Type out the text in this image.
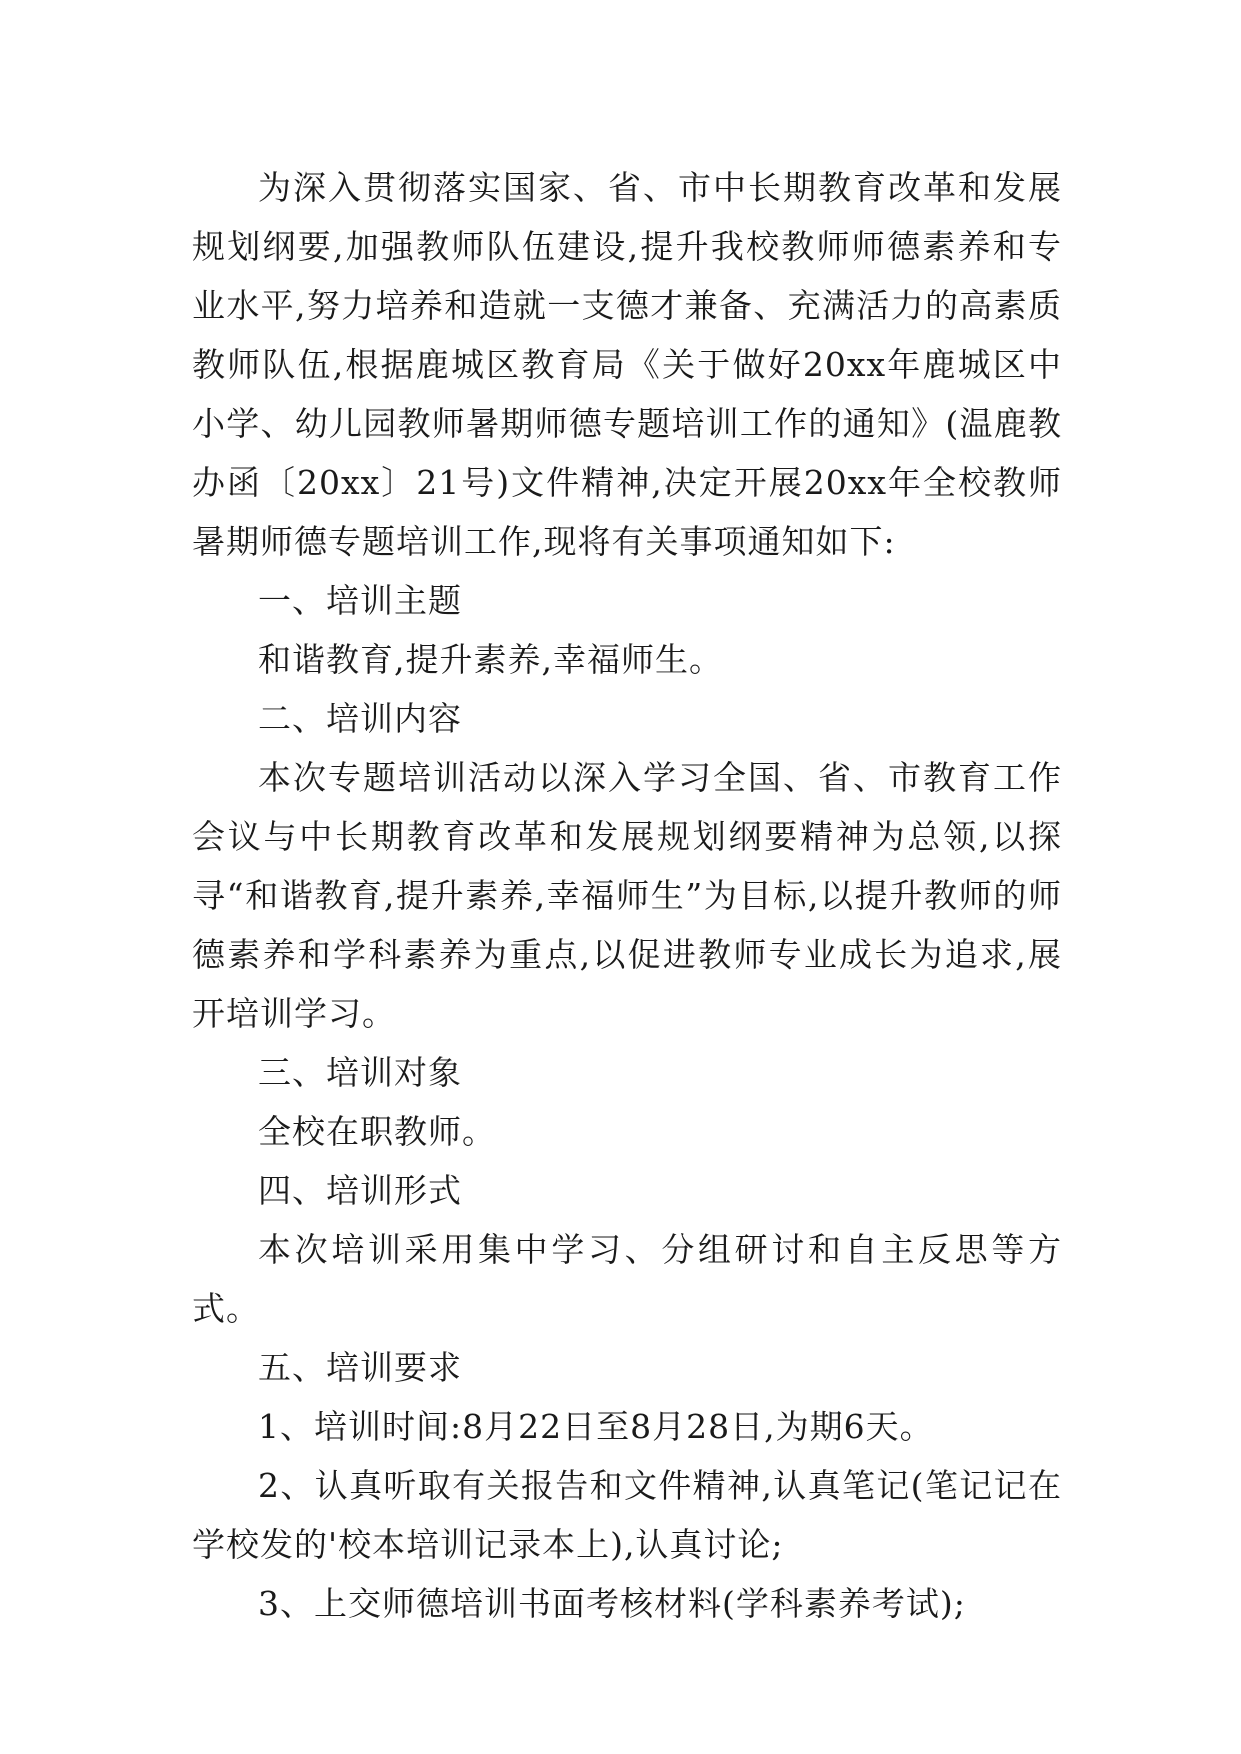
为深入贯彻落实国家、省、市中长期教育改革和发展规划纲要,加强教师队伍建设,提升我校教师师德素养和专业水平,努力培养和造就一支德才兼备、充满活力的高素质教师队伍,根据鹿城区教育局《关于做好20xx年鹿城区中小学、幼儿园教师暑期师德专题培训工作的通知》(温鹿教办函〔20xx〕21号)文件精神,决定开展20xx年全校教师暑期师德专题培训工作,现将有关事项通知如下:

一、培训主题

和谐教育,提升素养,幸福师生。

二、培训内容

本次专题培训活动以深入学习全国、省、市教育工作会议与中长期教育改革和发展规划纲要精神为总领,以探寻“和谐教育,提升素养,幸福师生”为目标,以提升教师的师德素养和学科素养为重点,以促进教师专业成长为追求,展开培训学习。

三、培训对象

全校在职教师。

四、培训形式

本次培训采用集中学习、分组研讨和自主反思等方式。

五、培训要求

1、培训时间:8月22日至8月28日,为期6天。

2、认真听取有关报告和文件精神,认真笔记(笔记记在学校发的'校本培训记录本上),认真讨论;

3、上交师德培训书面考核材料(学科素养考试);
